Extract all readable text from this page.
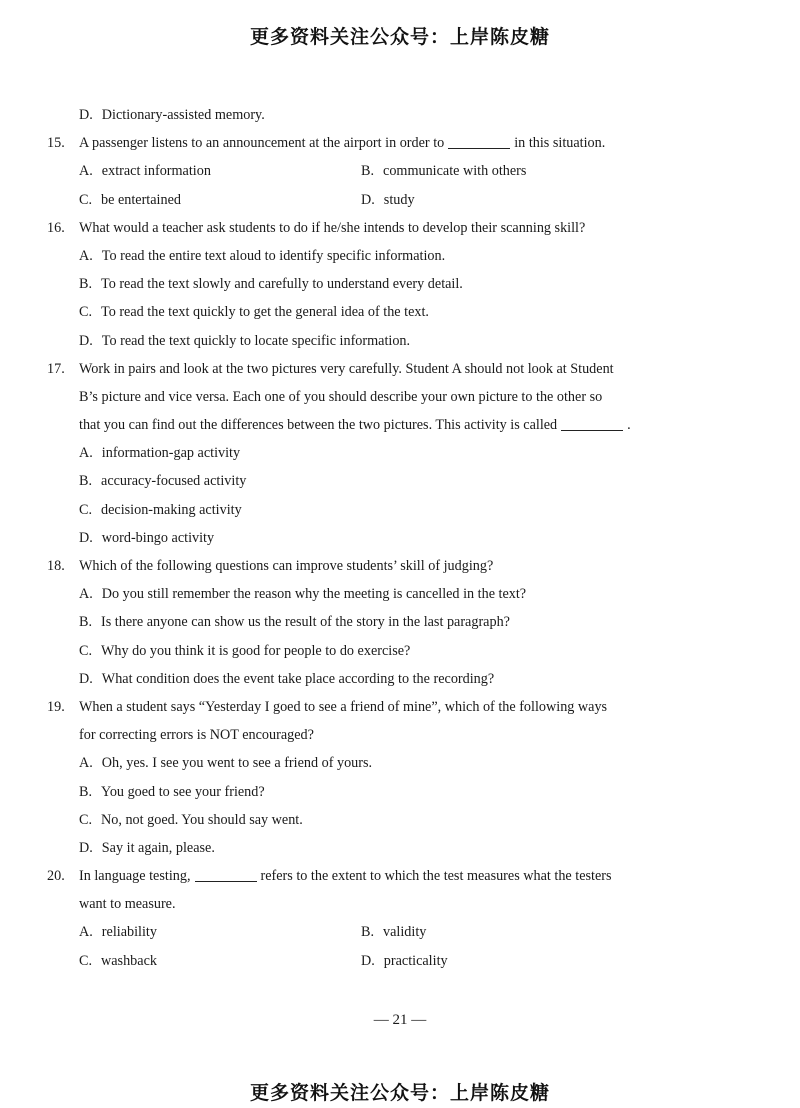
更多资料关注公众号：上岸陈皮糖
D. Dictionary-assisted memory.
15.	A passenger listens to an announcement at the airport in order to	in this situation.
A. extract information	B. communicate with others
C. be entertained	D. study
16.	What would a teacher ask students to do if he/she intends to develop their scanning skill?
A. To read the entire text aloud to identify specific information.
B. To read the text slowly and carefully to understand every detail.
C. To read the text quickly to get the general idea of the text.
D. To read the text quickly to locate specific information.
17.	Work in pairs and look at the two pictures very carefully. Student A should not look at Student
B’s picture and vice versa. Each one of you should describe your own picture to the other so
that you can find out the differences between the two pictures. This activity is called	.
A. information-gap activity
B. accuracy-focused activity
C. decision-making activity
D. word-bingo activity
18.	Which of the following questions can improve students’ skill of judging?
A. Do you still remember the reason why the meeting is cancelled in the text?
B. Is there anyone can show us the result of the story in the last paragraph?
C. Why do you think it is good for people to do exercise?
D. What condition does the event take place according to the recording?
19.	When a student says “Yesterday I goed to see a friend of mine”, which of the following ways
for correcting errors is NOT encouraged?
A. Oh, yes. I see you went to see a friend of yours.
B. You goed to see your friend?
C. No, not goed. You should say went.
D. Say it again, please.
20.	In language testing,	refers to the extent to which the test measures what the testers
want to measure.
A. reliability	B. validity
C. washback	D. practicality
— 21 —
更多资料关注公众号：上岸陈皮糖
